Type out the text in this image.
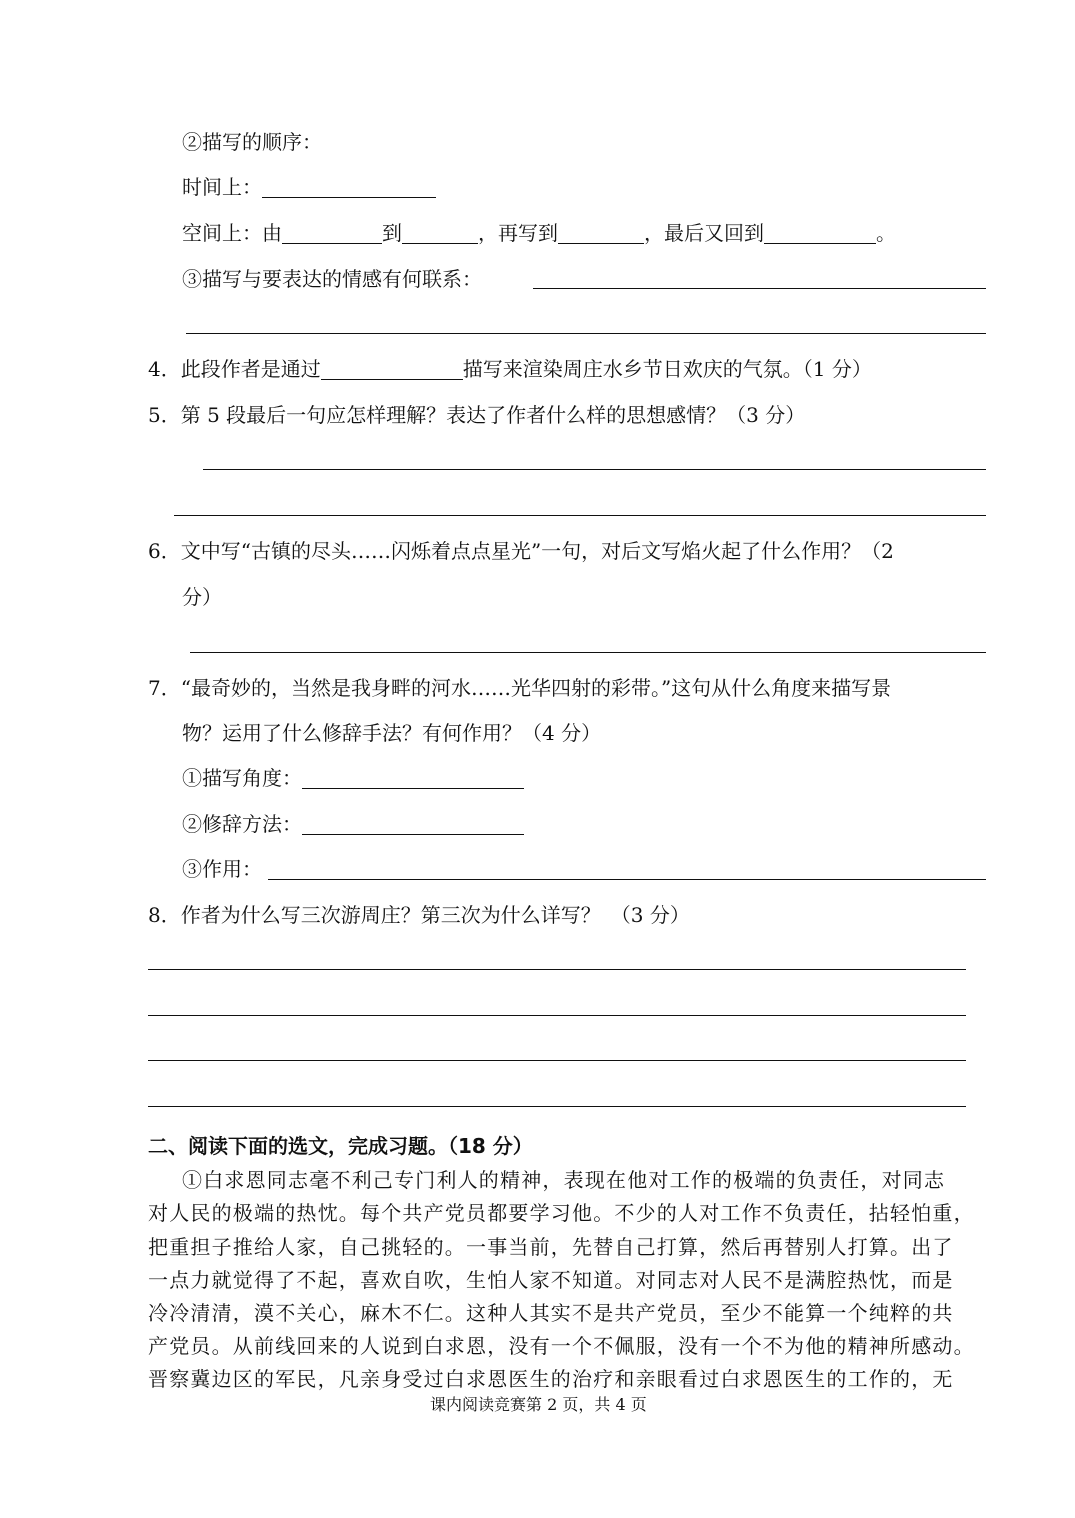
②描写的顺序：
时间上：
空间上：由	到	，再写到	，最后又回到	。
③描写与要表达的情感有何联系：
4．此段作者是通过	描写来渲染周庄水乡节日欢庆的气氛。（1 分）
5．第 5 段最后一句应怎样理解？表达了作者什么样的思想感情？（3 分）
6．文中写“古镇的尽头……闪烁着点点星光”一句，对后文写焰火起了什么作用？（2
分）
7．“最奇妙的，当然是我身畔的河水……光华四射的彩带。”这句从什么角度来描写景
物？运用了什么修辞手法？有何作用？（4 分）
①描写角度：
②修辞方法：
③作用：
8．作者为什么写三次游周庄？第三次为什么详写？　（3 分）
二、阅读下面的选文，完成习题。（18 分）
①白求恩同志毫不利己专门利人的精神，表现在他对工作的极端的负责任，对同志
对人民的极端的热忱。每个共产党员都要学习他。不少的人对工作不负责任，拈轻怕重，
把重担子推给人家，自己挑轻的。一事当前，先替自己打算，然后再替别人打算。出了
一点力就觉得了不起，喜欢自吹，生怕人家不知道。对同志对人民不是满腔热忱，而是
冷冷清清，漠不关心，麻木不仁。这种人其实不是共产党员，至少不能算一个纯粹的共
产党员。从前线回来的人说到白求恩，没有一个不佩服，没有一个不为他的精神所感动。
晋察冀边区的军民，凡亲身受过白求恩医生的治疗和亲眼看过白求恩医生的工作的，无
课内阅读竞赛第 2 页，共 4 页
